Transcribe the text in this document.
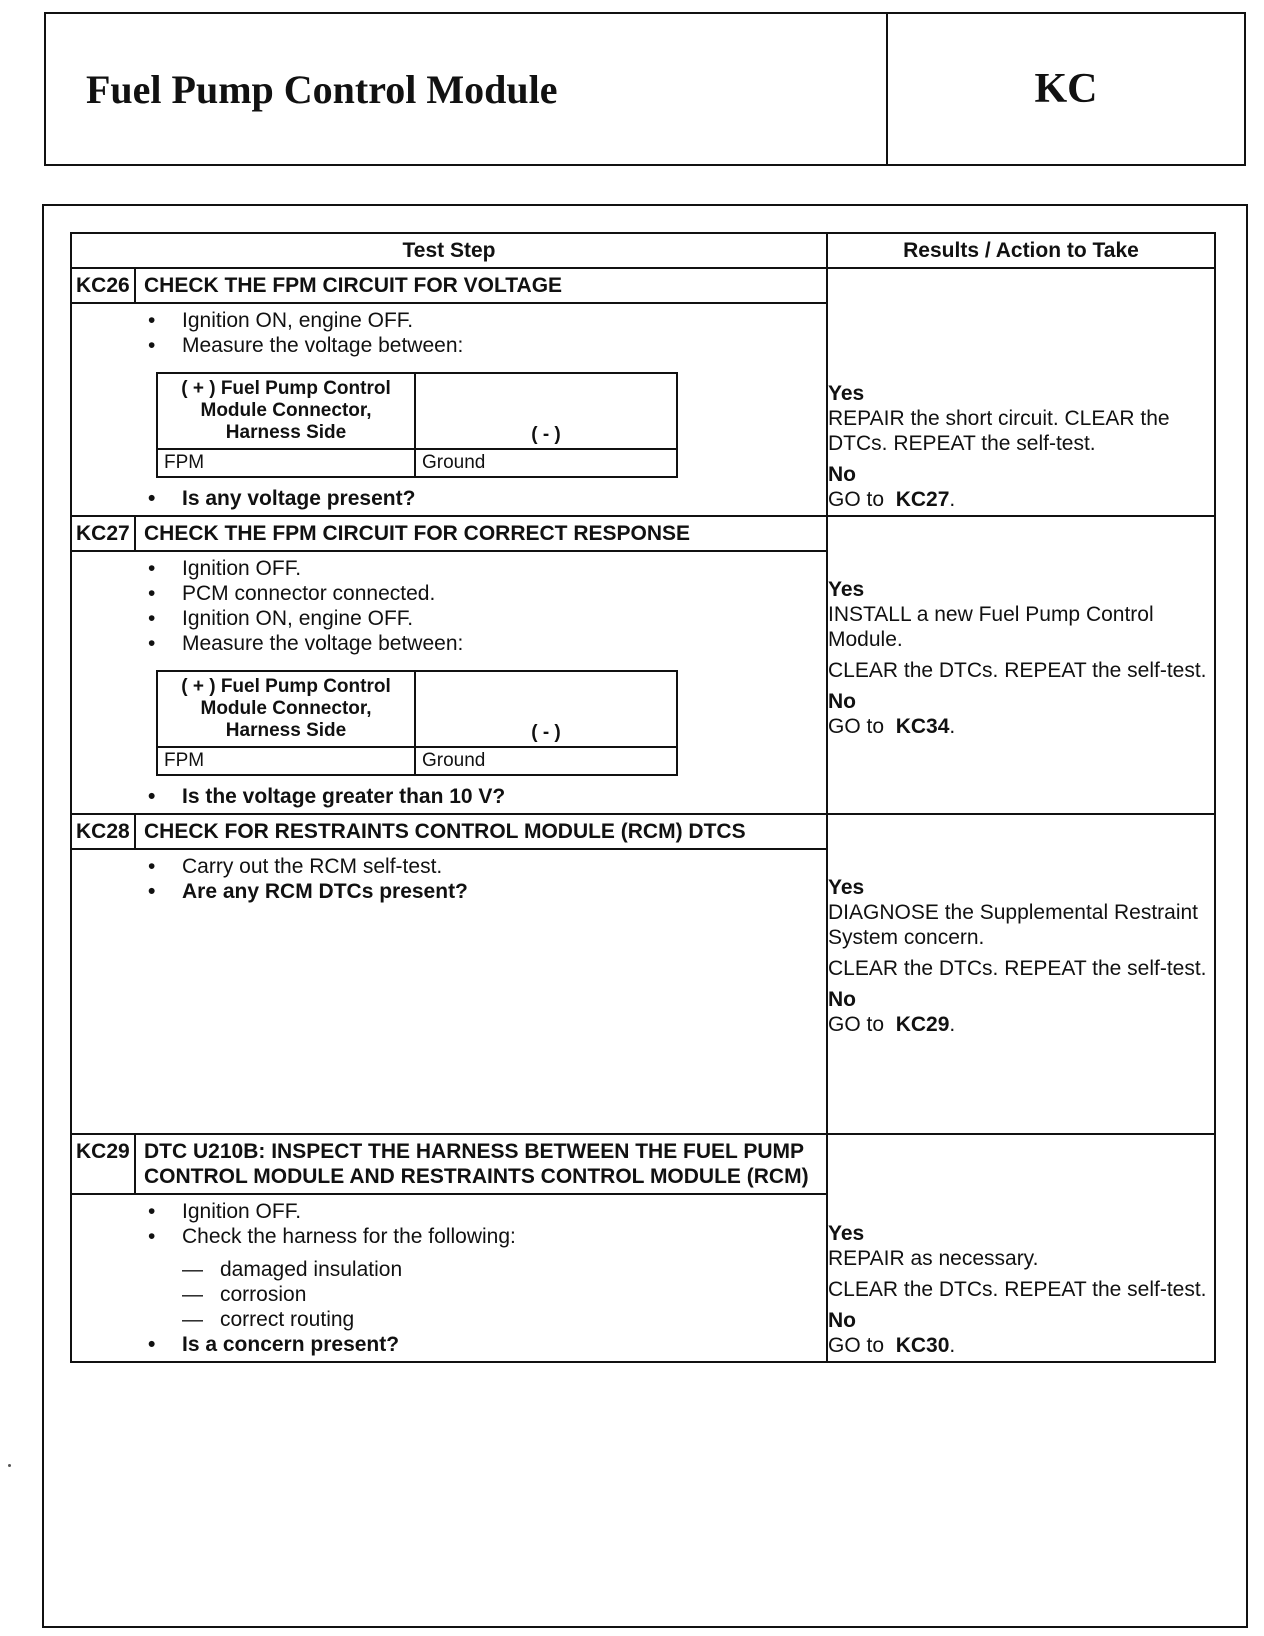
Fuel Pump Control Module	KC
Test Step	Results / Action to Take

KC26 CHECK THE FPM CIRCUIT FOR VOLTAGE
• Ignition ON, engine OFF.
• Measure the voltage between:
( + ) Fuel Pump Control Module Connector, Harness Side	( - )
FPM	Ground
• Is any voltage present?

Yes
REPAIR the short circuit. CLEAR the DTCs. REPEAT the self-test.
No
GO to KC27.

KC27 CHECK THE FPM CIRCUIT FOR CORRECT RESPONSE
• Ignition OFF.
• PCM connector connected.
• Ignition ON, engine OFF.
• Measure the voltage between:
( + ) Fuel Pump Control Module Connector, Harness Side	( - )
FPM	Ground
• Is the voltage greater than 10 V?

Yes
INSTALL a new Fuel Pump Control Module.
CLEAR the DTCs. REPEAT the self-test.
No
GO to KC34.

KC28 CHECK FOR RESTRAINTS CONTROL MODULE (RCM) DTCS
• Carry out the RCM self-test.
• Are any RCM DTCs present?	Yes
DIAGNOSE the Supplemental Restraint System concern.
CLEAR the DTCs. REPEAT the self-test.
No
GO to KC29.

KC29 DTC U210B: INSPECT THE HARNESS BETWEEN THE FUEL PUMP CONTROL MODULE AND RESTRAINTS CONTROL MODULE (RCM)
• Ignition OFF.
• Check the harness for the following:
— damaged insulation
— corrosion
— correct routing
• Is a concern present?

Yes
REPAIR as necessary.
CLEAR the DTCs. REPEAT the self-test.
No
GO to KC30.
